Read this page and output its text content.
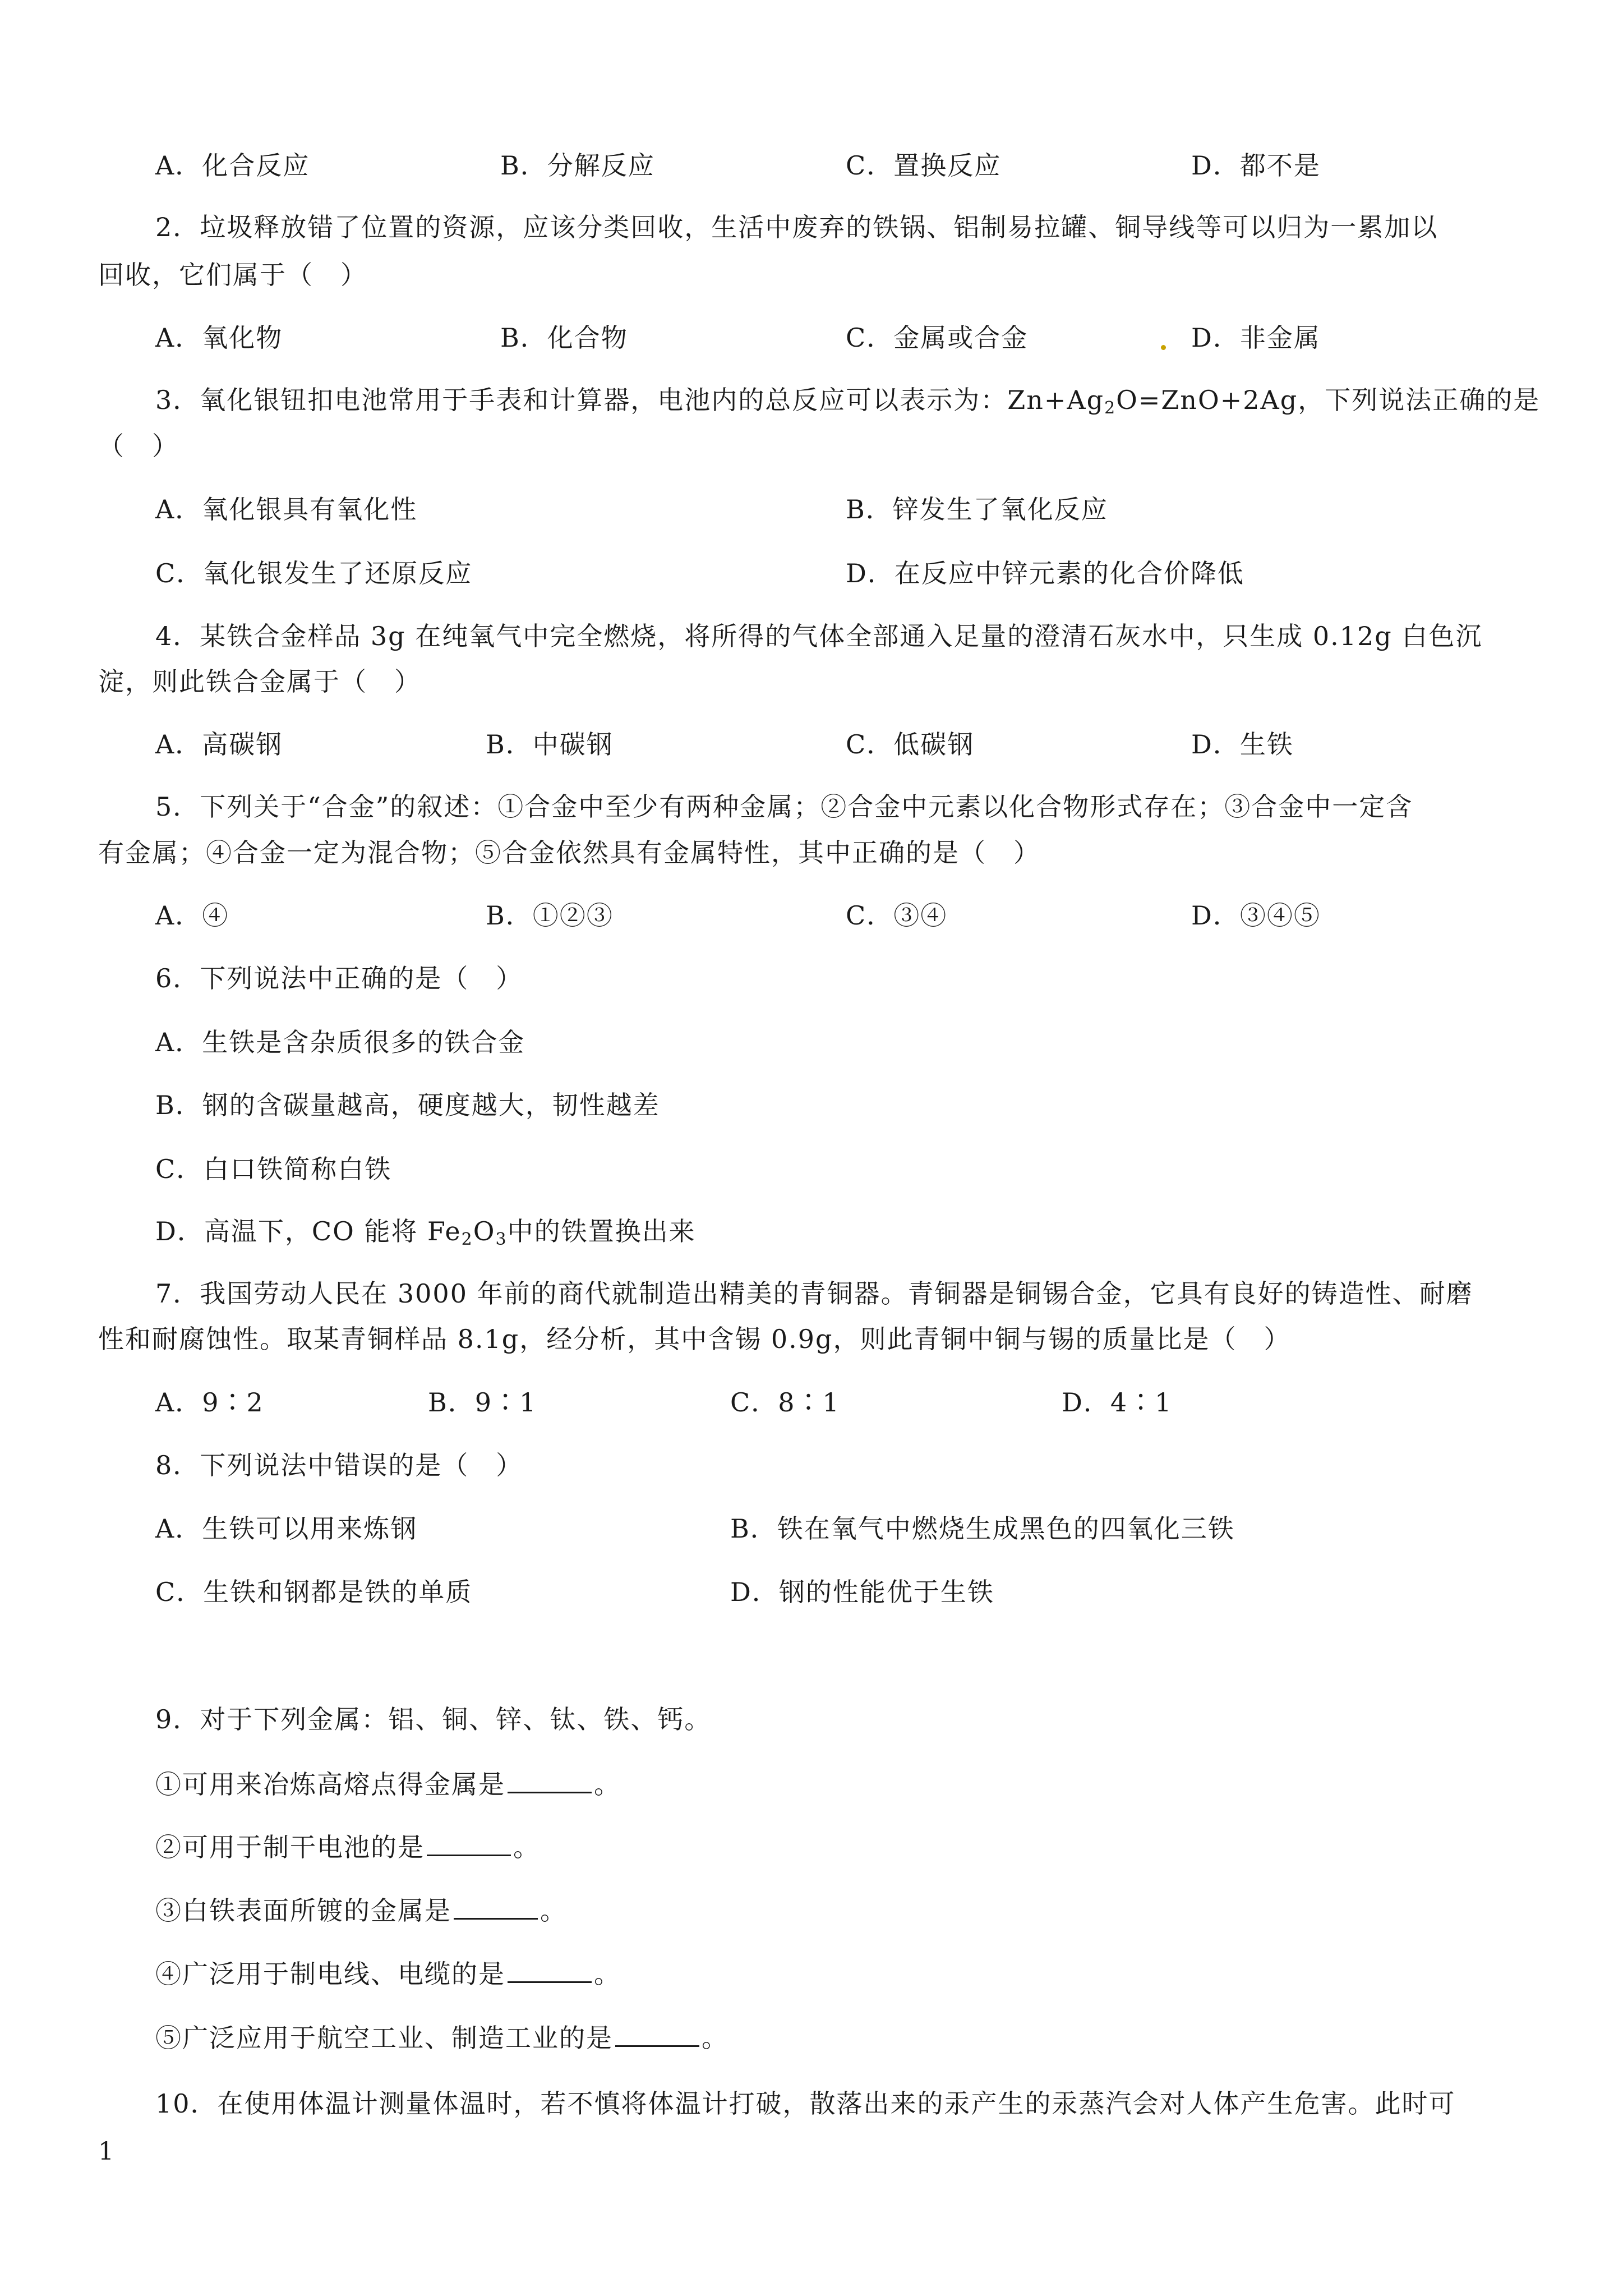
A．化合反应	B．分解反应	C．置换反应	D．都不是
2．垃圾释放错了位置的资源，应该分类回收，生活中废弃的铁锅、铝制易拉罐、铜导线等可以归为一累加以
回收，它们属于（　）
A．氧化物	B．化合物	C．金属或合金	D．非金属
3．氧化银钮扣电池常用于手表和计算器，电池内的总反应可以表示为：$Zn+Ag_2O=ZnO+2Ag$，下列说法正确的是
（　）
A．氧化银具有氧化性	B．锌发生了氧化反应
C．氧化银发生了还原反应	D．在反应中锌元素的化合价降低
4．某铁合金样品 3g 在纯氧气中完全燃烧，将所得的气体全部通入足量的澄清石灰水中，只生成 0.12g 白色沉
淀，则此铁合金属于（　）
A．高碳钢	B．中碳钢	C．低碳钢	D．生铁
5．下列关于“合金”的叙述：①合金中至少有两种金属；②合金中元素以化合物形式存在；③合金中一定含
有金属；④合金一定为混合物；⑤合金依然具有金属特性，其中正确的是（　）
A．④	B．①②③	C．③④	D．③④⑤
6．下列说法中正确的是（　）
A．生铁是含杂质很多的铁合金
B．钢的含碳量越高，硬度越大，韧性越差
C．白口铁简称白铁
D．高温下，CO 能将 $Fe_2O_3$中的铁置换出来
7．我国劳动人民在 3000 年前的商代就制造出精美的青铜器。青铜器是铜锡合金，它具有良好的铸造性、耐磨
性和耐腐蚀性。取某青铜样品 8.1g，经分析，其中含锡 0.9g，则此青铜中铜与锡的质量比是（　）
A．9∶2	B．9∶1	C．8∶1	D．4∶1
8．下列说法中错误的是（　）
A．生铁可以用来炼钢	B．铁在氧气中燃烧生成黑色的四氧化三铁
C．生铁和钢都是铁的单质	D．钢的性能优于生铁
9．对于下列金属：铝、铜、锌、钛、铁、钙。
①可用来冶炼高熔点得金属是	。
②可用于制干电池的是	。
③白铁表面所镀的金属是	。
④广泛用于制电线、电缆的是	。
⑤广泛应用于航空工业、制造工业的是	。
10．在使用体温计测量体温时，若不慎将体温计打破，散落出来的汞产生的汞蒸汽会对人体产生危害。此时可
1
